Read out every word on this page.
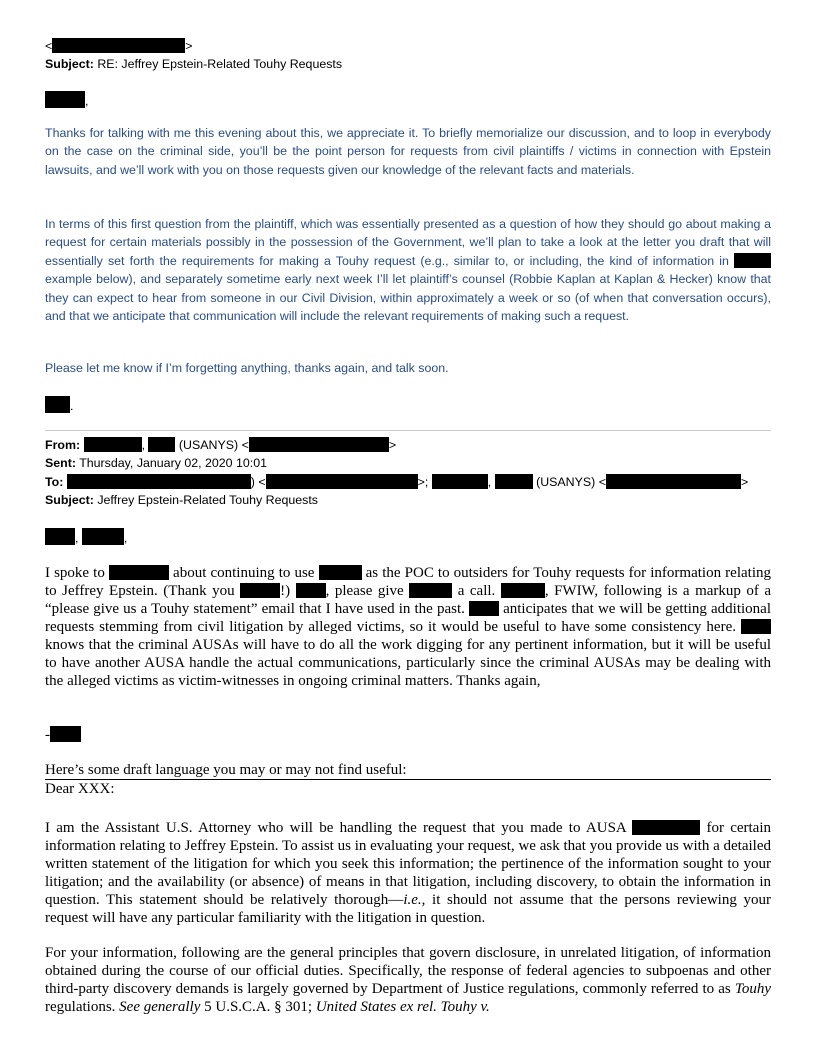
<	>
Subject: RE: Jeffrey Epstein-Related Touhy Requests
,
Thanks for talking with me this evening about this, we appreciate it. To briefly memorialize our discussion, and to loop in everybody on the case on the criminal side, you’ll be the point person for requests from civil plaintiffs / victims in connection with Epstein lawsuits, and we’ll work with you on those requests given our knowledge of the relevant facts and materials.
In terms of this first question from the plaintiff, which was essentially presented as a question of how they should go about making a request for certain materials possibly in the possession of the Government, we’ll plan to take a look at the letter you draft that will essentially set forth the requirements for making a Touhy request (e.g., similar to, or including, the kind of information in  example below), and separately sometime early next week I’ll let plaintiff’s counsel (Robbie Kaplan at Kaplan & Hecker) know that they can expect to hear from someone in our Civil Division, within approximately a week or so (of when that conversation occurs), and that we anticipate that communication will include the relevant requirements of making such a request.
Please let me know if I’m forgetting anything, thanks again, and talk soon.
.
From:	,  (USANYS) <	>
Sent: Thursday, January 02, 2020 10:01
To:	) <	>;	,	(USANYS) <	>
Subject: Jeffrey Epstein-Related Touhy Requests
,	,
I spoke to	about continuing to use	as the POC to outsiders for Touhy requests for information relating to Jeffrey Epstein. (Thank you	!) , please give	a call.	, FWIW, following is a markup of a “please give us a Touhy statement” email that I have used in the past.	anticipates that we will be getting additional requests stemming from civil litigation by alleged victims, so it would be useful to have some consistency here.  knows that the criminal AUSAs will have to do all the work digging for any pertinent information, but it will be useful to have another AUSA handle the actual communications, particularly since the criminal AUSAs may be dealing with the alleged victims as victim-witnesses in ongoing criminal matters. Thanks again,
-
Here’s some draft language you may or may not find useful:
Dear XXX:
I am the Assistant U.S. Attorney who will be handling the request that you made to AUSA	for certain information relating to Jeffrey Epstein. To assist us in evaluating your request, we ask that you provide us with a detailed written statement of the litigation for which you seek this information; the pertinence of the information sought to your litigation; and the availability (or absence) of means in that litigation, including discovery, to obtain the information in question. This statement should be relatively thorough—i.e., it should not assume that the persons reviewing your request will have any particular familiarity with the litigation in question.
For your information, following are the general principles that govern disclosure, in unrelated litigation, of information obtained during the course of our official duties. Specifically, the response of federal agencies to subpoenas and other third-party discovery demands is largely governed by Department of Justice regulations, commonly referred to as Touhy regulations. See generally 5 U.S.C.A. § 301; United States ex rel. Touhy v.
